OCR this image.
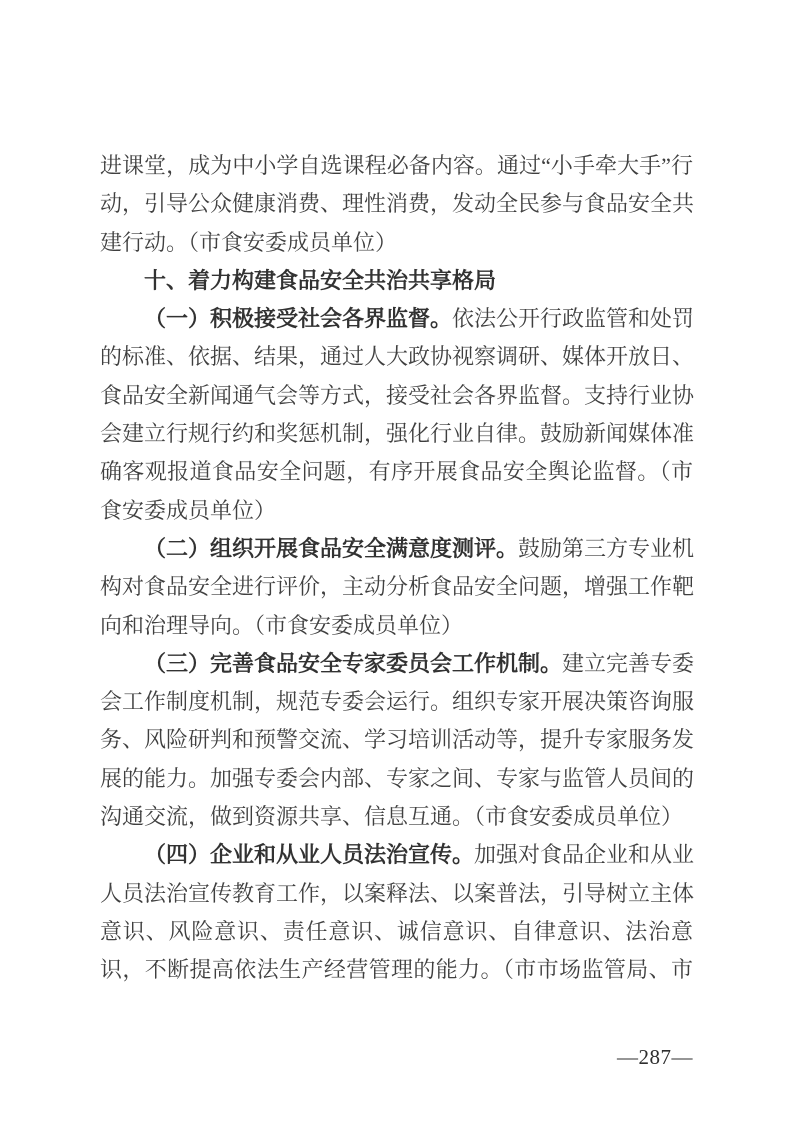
进课堂，成为中小学自选课程必备内容。通过“小手牵大手”行
动，引导公众健康消费、理性消费，发动全民参与食品安全共
建行动。（市食安委成员单位）
十、着力构建食品安全共治共享格局
（一）积极接受社会各界监督。依法公开行政监管和处罚
的标准、依据、结果，通过人大政协视察调研、媒体开放日、
食品安全新闻通气会等方式，接受社会各界监督。支持行业协
会建立行规行约和奖惩机制，强化行业自律。鼓励新闻媒体准
确客观报道食品安全问题，有序开展食品安全舆论监督。（市
食安委成员单位）
（二）组织开展食品安全满意度测评。鼓励第三方专业机
构对食品安全进行评价，主动分析食品安全问题，增强工作靶
向和治理导向。（市食安委成员单位）
（三）完善食品安全专家委员会工作机制。建立完善专委
会工作制度机制，规范专委会运行。组织专家开展决策咨询服
务、风险研判和预警交流、学习培训活动等，提升专家服务发
展的能力。加强专委会内部、专家之间、专家与监管人员间的
沟通交流，做到资源共享、信息互通。（市食安委成员单位）
（四）企业和从业人员法治宣传。加强对食品企业和从业
人员法治宣传教育工作，以案释法、以案普法，引导树立主体
意识、风险意识、责任意识、诚信意识、自律意识、法治意
识，不断提高依法生产经营管理的能力。（市市场监管局、市
—287—
